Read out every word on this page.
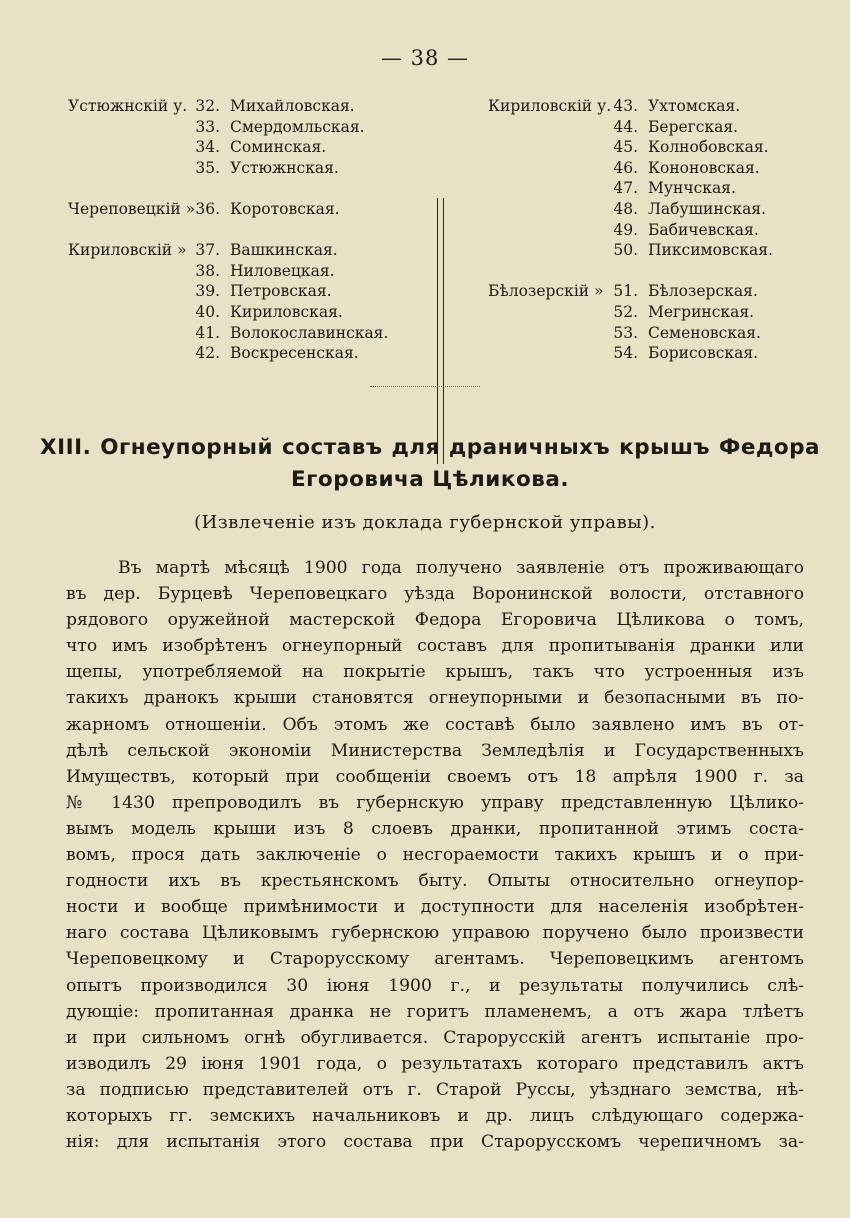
— 38 —
Устюжнскій у. 32. Михайловская.
33. Смердомльская.
34. Соминская.
35. Устюжнская.
Череповецкій » 36. Коротовская.
Кириловскій » 37. Вашкинская.
38. Ниловецкая.
39. Петровская.
40. Кириловская.
41. Волокославинская.
42. Воскресенская.
Кириловскій у. 43. Ухтомская.
44. Берегская.
45. Колнобовская.
46. Кононовская.
47. Мунчская.
48. Лабушинская.
49. Бабичевская.
50. Пиксимовская.
Бѣлозерскій » 51. Бѣлозерская.
52. Мегринская.
53. Семеновская.
54. Борисовская.
XIII. Огнеупорный составъ для драничныхъ крышъ Федора
Егоровича Цѣликова.
(Извлеченіе изъ доклада губернской управы).
Въ мартѣ мѣсяцѣ 1900 года получено заявленіе отъ проживающаго
въ дер. Бурцевѣ Череповецкаго уѣзда Воронинской волости, отставного
рядового оружейной мастерской Федора Егоровича Цѣликова о томъ,
что имъ изобрѣтенъ огнеупорный составъ для пропитыванія дранки или
щепы, употребляемой на покрытіе крышъ, такъ что устроенныя изъ
такихъ дранокъ крыши становятся огнеупорными и безопасными въ по-
жарномъ отношеніи. Объ этомъ же составѣ было заявлено имъ въ от-
дѣлѣ сельской экономіи Министерства Земледѣлія и Государственныхъ
Имуществъ, который при сообщеніи своемъ отъ 18 апрѣля 1900 г. за
№ 1430 препроводилъ въ губернскую управу представленную Цѣлико-
вымъ модель крыши изъ 8 слоевъ дранки, пропитанной этимъ соста-
вомъ, прося дать заключеніе о несгораемости такихъ крышъ и о при-
годности ихъ въ крестьянскомъ быту. Опыты относительно огнеупор-
ности и вообще примѣнимости и доступности для населенія изобрѣтен-
наго состава Цѣликовымъ губернскою управою поручено было произвести
Череповецкому и Старорусскому агентамъ. Череповецкимъ агентомъ
опытъ производился 30 іюня 1900 г., и результаты получились слѣ-
дующіе: пропитанная дранка не горитъ пламенемъ, а отъ жара тлѣетъ
и при сильномъ огнѣ обугливается. Старорусскій агентъ испытаніе про-
изводилъ 29 іюня 1901 года, о результатахъ котораго представилъ актъ
за подписью представителей отъ г. Старой Руссы, уѣзднаго земства, нѣ-
которыхъ гг. земскихъ начальниковъ и др. лицъ слѣдующаго содержа-
нія: для испытанія этого состава при Старорусскомъ черепичномъ за-
